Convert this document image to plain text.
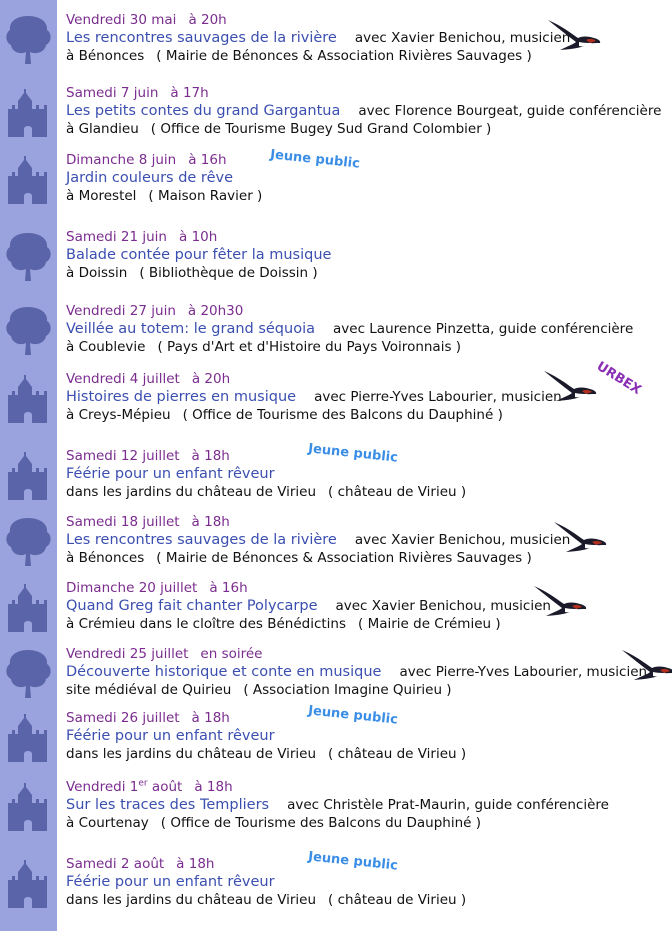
Vendredi 30 mai à 20h
Les rencontres sauvages de la rivière avec Xavier Benichou, musicien
à Bénonces ( Mairie de Bénonces & Association Rivières Sauvages )
Samedi 7 juin à 17h
Les petits contes du grand Gargantua avec Florence Bourgeat, guide conférencière
à Glandieu ( Office de Tourisme Bugey Sud Grand Colombier )
Dimanche 8 juin à 16h
Jardin couleurs de rêve
à Morestel ( Maison Ravier )
Jeune public
Samedi 21 juin à 10h
Balade contée pour fêter la musique
à Doissin ( Bibliothèque de Doissin )
Vendredi 27 juin à 20h30
Veillée au totem: le grand séquoia avec Laurence Pinzetta, guide conférencière
à Coublevie ( Pays d'Art et d'Histoire du Pays Voironnais )
Vendredi 4 juillet à 20h
Histoires de pierres en musique avec Pierre-Yves Labourier, musicien
à Creys-Mépieu ( Office de Tourisme des Balcons du Dauphiné )
URBEX
Samedi 12 juillet à 18h
Féérie pour un enfant rêveur
dans les jardins du château de Virieu ( château de Virieu )
Jeune public
Samedi 18 juillet à 18h
Les rencontres sauvages de la rivière avec Xavier Benichou, musicien
à Bénonces ( Mairie de Bénonces & Association Rivières Sauvages )
Dimanche 20 juillet à 16h
Quand Greg fait chanter Polycarpe avec Xavier Benichou, musicien
à Crémieu dans le cloître des Bénédictins ( Mairie de Crémieu )
Vendredi 25 juillet en soirée
Découverte historique et conte en musique avec Pierre-Yves Labourier, musicien
site médiéval de Quirieu ( Association Imagine Quirieu )
Samedi 26 juillet à 18h
Féérie pour un enfant rêveur
dans les jardins du château de Virieu ( château de Virieu )
Jeune public
Vendredi 1er août à 18h
Sur les traces des Templiers avec Christèle Prat-Maurin, guide conférencière
à Courtenay ( Office de Tourisme des Balcons du Dauphiné )
Samedi 2 août à 18h
Féérie pour un enfant rêveur
dans les jardins du château de Virieu ( château de Virieu )
Jeune public
